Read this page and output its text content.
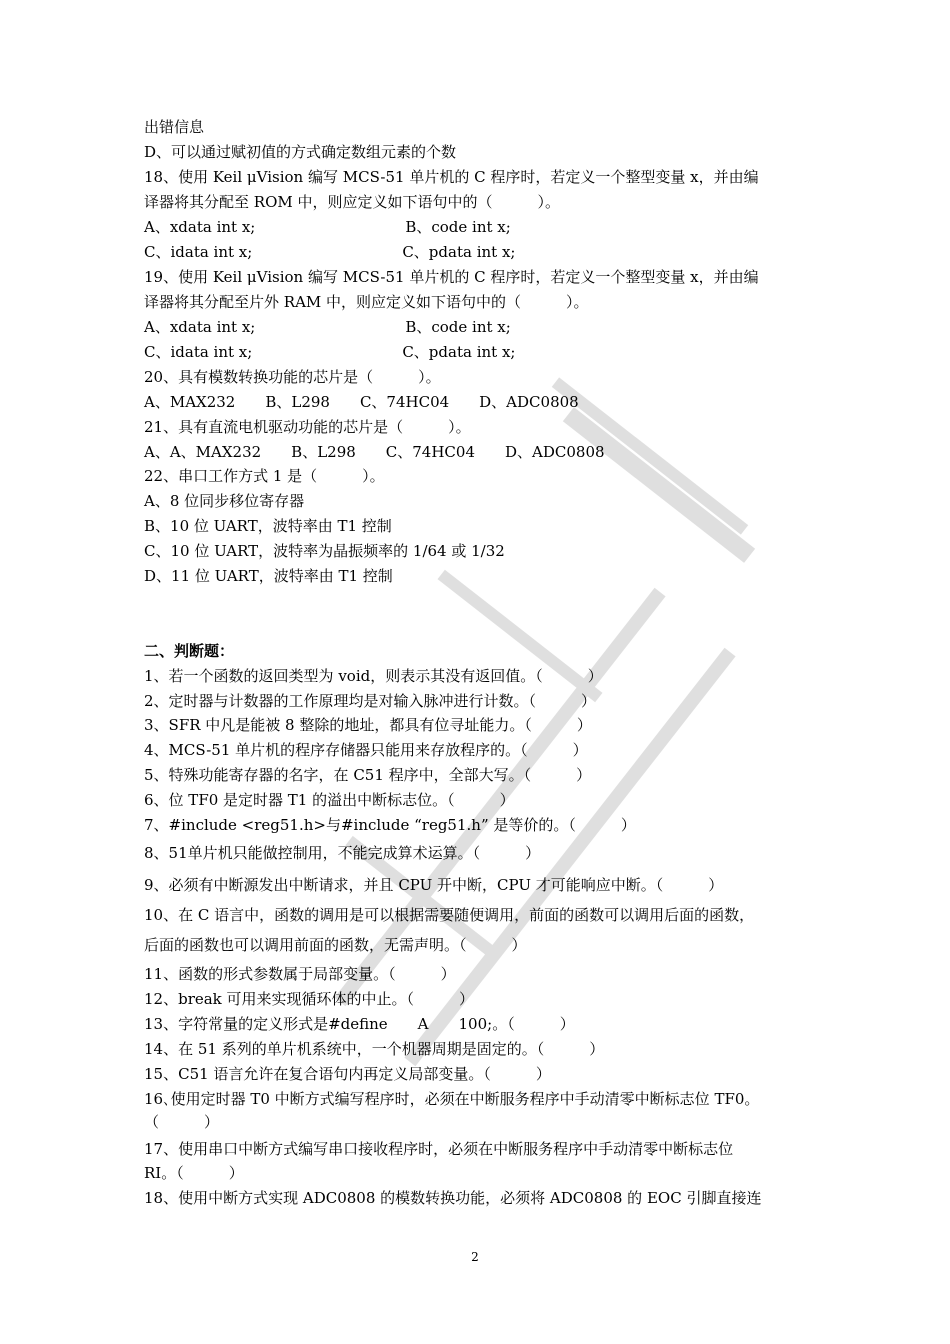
出错信息
D、可以通过赋初值的方式确定数组元素的个数
18、使用 Keil μVision 编写 MCS-51 单片机的 C 程序时，若定义一个整型变量 x，并由编
译器将其分配至 ROM 中，则应定义如下语句中的（　　　）。
A、xdata int x;　　　　　　　　　　B、code int x;
C、idata int x;　　　　　　　　　　C、pdata int x;
19、使用 Keil μVision 编写 MCS-51 单片机的 C 程序时，若定义一个整型变量 x，并由编
译器将其分配至片外 RAM 中，则应定义如下语句中的（　　　）。
A、xdata int x;　　　　　　　　　　B、code int x;
C、idata int x;　　　　　　　　　　C、pdata int x;
20、具有模数转换功能的芯片是（　　　）。
A、MAX232　　B、L298　　C、74HC04　　D、ADC0808
21、具有直流电机驱动功能的芯片是（　　　）。
A、A、MAX232　　B、L298　　C、74HC04　　D、ADC0808
22、串口工作方式 1 是（　　　）。
A、8 位同步移位寄存器
B、10 位 UART，波特率由 T1 控制
C、10 位 UART，波特率为晶振频率的 1/64 或 1/32
D、11 位 UART，波特率由 T1 控制
二、判断题：
1、若一个函数的返回类型为 void，则表示其没有返回值。（　　　）
2、定时器与计数器的工作原理均是对输入脉冲进行计数。（　　　）
3、SFR 中凡是能被 8 整除的地址，都具有位寻址能力。（　　　）
4、MCS-51 单片机的程序存储器只能用来存放程序的。（　　　）
5、特殊功能寄存器的名字，在 C51 程序中，全部大写。（　　　）
6、位 TF0 是定时器 T1 的溢出中断标志位。（　　　）
7、#include <reg51.h>与#include “reg51.h” 是等价的。（　　　）
8、51单片机只能做控制用，不能完成算术运算。（　　　）
9、必须有中断源发出中断请求，并且 CPU 开中断，CPU 才可能响应中断。（　　　）
10、在 C 语言中，函数的调用是可以根据需要随便调用，前面的函数可以调用后面的函数，
后面的函数也可以调用前面的函数，无需声明。（　　　）
11、函数的形式参数属于局部变量。（　　　）
12、break 可用来实现循环体的中止。（　　　）
13、字符常量的定义形式是#define　　A　　100;。（　　　）
14、在 51 系列的单片机系统中，一个机器周期是固定的。（　　　）
15、C51 语言允许在复合语句内再定义局部变量。（　　　）
16､使用定时器 T0 中断方式编写程序时，必须在中断服务程序中手动清零中断标志位 TF0。
（　　　）
17、使用串口中断方式编写串口接收程序时，必须在中断服务程序中手动清零中断标志位
RI。（　　　）
18、使用中断方式实现 ADC0808 的模数转换功能，必须将 ADC0808 的 EOC 引脚直接连
2
